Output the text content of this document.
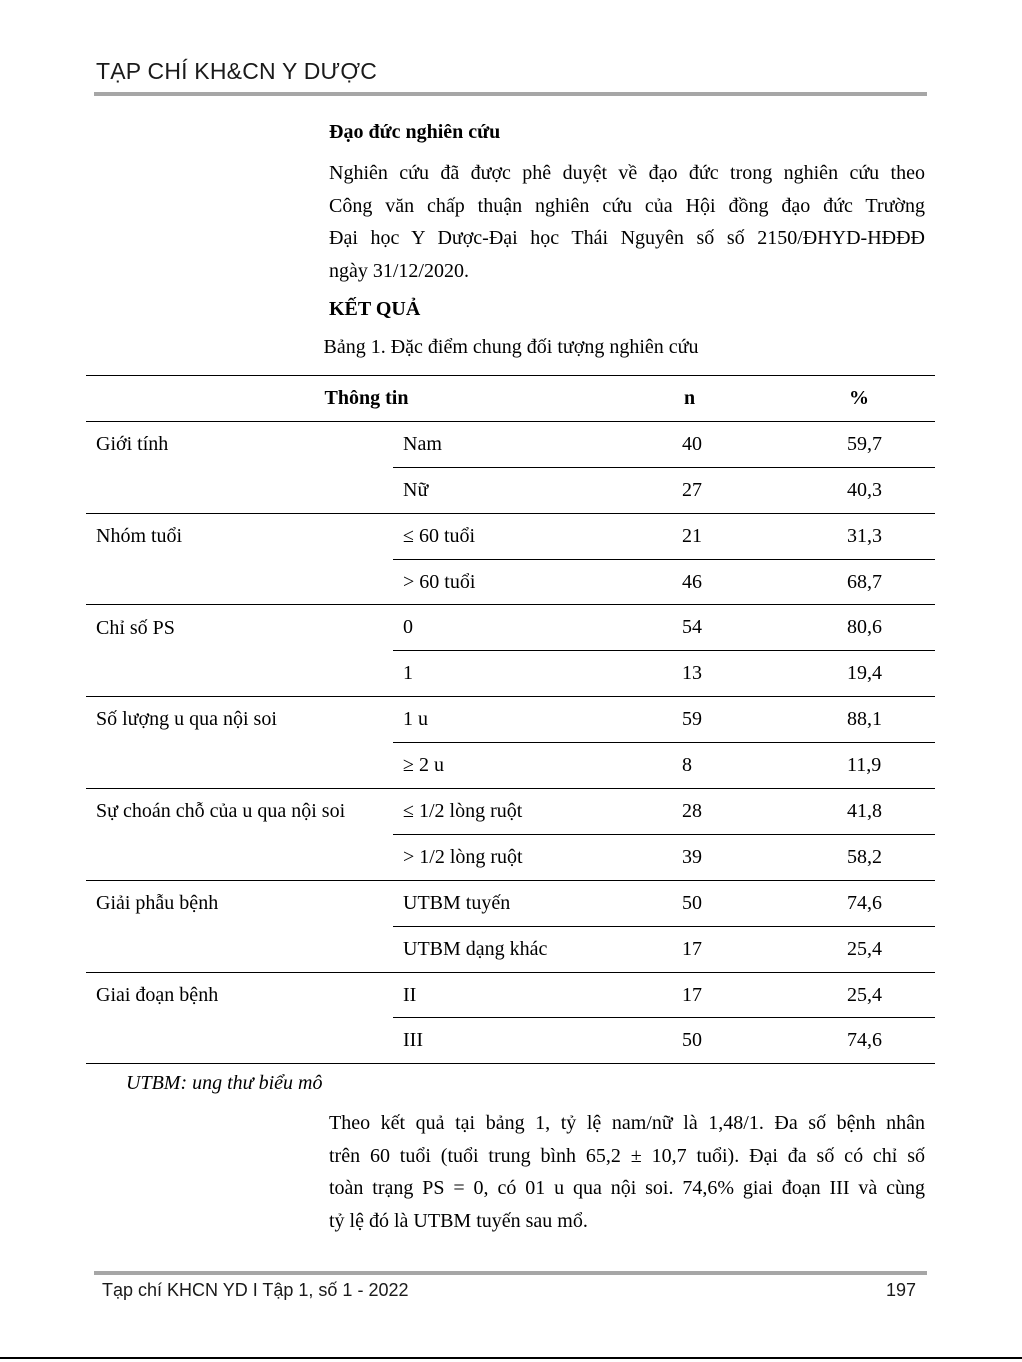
TẠP CHÍ KH&CN Y DƯỢC
Đạo đức nghiên cứu
Nghiên cứu đã được phê duyệt về đạo đức trong nghiên cứu theo
Công văn chấp thuận nghiên cứu của Hội đồng đạo đức Trường
Đại học Y Dược-Đại học Thái Nguyên số số 2150/ĐHYD-HĐĐĐ
ngày 31/12/2020.
KẾT QUẢ
Bảng 1. Đặc điểm chung đối tượng nghiên cứu
Thông tin		n	%
Giới tính	Nam	40	59,7
	Nữ	27	40,3
Nhóm tuổi	≤ 60 tuổi	21	31,3
	> 60 tuổi	46	68,7
Chỉ số PS	0	54	80,6
	1	13	19,4
Số lượng u qua nội soi	1 u	59	88,1
	≥ 2 u	8	11,9
Sự choán chỗ của u qua nội soi	≤ 1/2 lòng ruột	28	41,8
	> 1/2 lòng ruột	39	58,2
Giải phẫu bệnh	UTBM tuyến	50	74,6
	UTBM dạng khác	17	25,4
Giai đoạn bệnh	II	17	25,4
	III	50	74,6
UTBM: ung thư biểu mô
Theo kết quả tại bảng 1, tỷ lệ nam/nữ là 1,48/1. Đa số bệnh nhân
trên 60 tuổi (tuổi trung bình 65,2 ± 10,7 tuổi). Đại đa số có chỉ số
toàn trạng PS = 0, có 01 u qua nội soi. 74,6% giai đoạn III và cùng
tỷ lệ đó là UTBM tuyến sau mổ.
Tạp chí KHCN YD I Tập 1, số 1 - 2022	197
